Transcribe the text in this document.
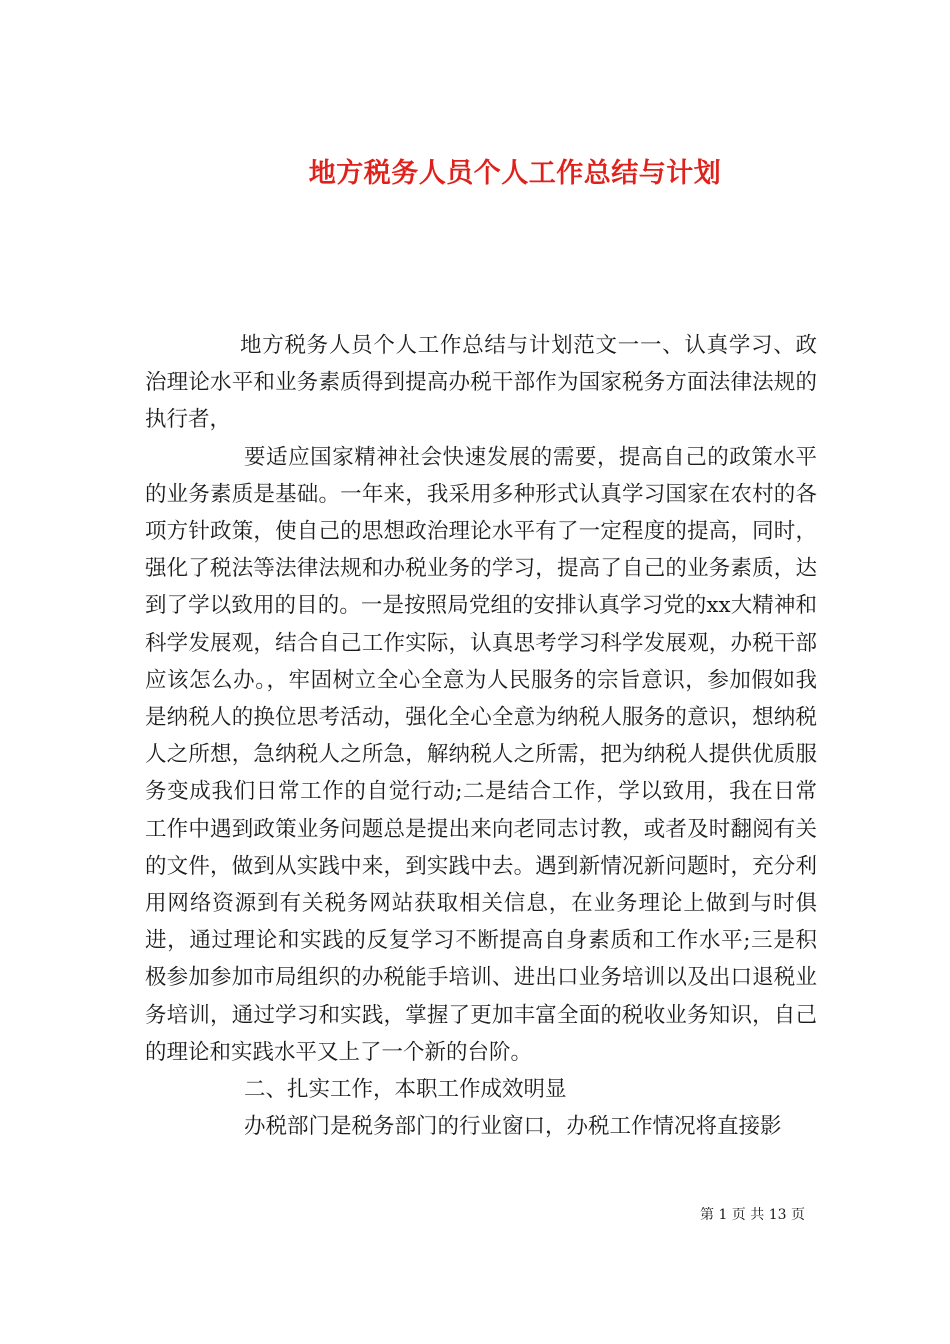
地方税务人员个人工作总结与计划

地方税务人员个人工作总结与计划范文一一、认真学习、政治理论水平和业务素质得到提高办税干部作为国家税务方面法律法规的执行者，

要适应国家精神社会快速发展的需要，提高自己的政策水平的业务素质是基础。一年来，我采用多种形式认真学习国家在农村的各项方针政策，使自己的思想政治理论水平有了一定程度的提高，同时，强化了税法等法律法规和办税业务的学习，提高了自己的业务素质，达到了学以致用的目的。一是按照局党组的安排认真学习党的xx大精神和科学发展观，结合自己工作实际，认真思考学习科学发展观，办税干部应该怎么办。，牢固树立全心全意为人民服务的宗旨意识，参加假如我是纳税人的换位思考活动，强化全心全意为纳税人服务的意识，想纳税人之所想，急纳税人之所急，解纳税人之所需，把为纳税人提供优质服务变成我们日常工作的自觉行动;二是结合工作，学以致用，我在日常工作中遇到政策业务问题总是提出来向老同志讨教，或者及时翻阅有关的文件，做到从实践中来，到实践中去。遇到新情况新问题时，充分利用网络资源到有关税务网站获取相关信息，在业务理论上做到与时俱进，通过理论和实践的反复学习不断提高自身素质和工作水平;三是积极参加参加市局组织的办税能手培训、进出口业务培训以及出口退税业务培训，通过学习和实践，掌握了更加丰富全面的税收业务知识，自己的理论和实践水平又上了一个新的台阶。

二、扎实工作，本职工作成效明显

办税部门是税务部门的行业窗口，办税工作情况将直接影

第 1 页 共 13 页
